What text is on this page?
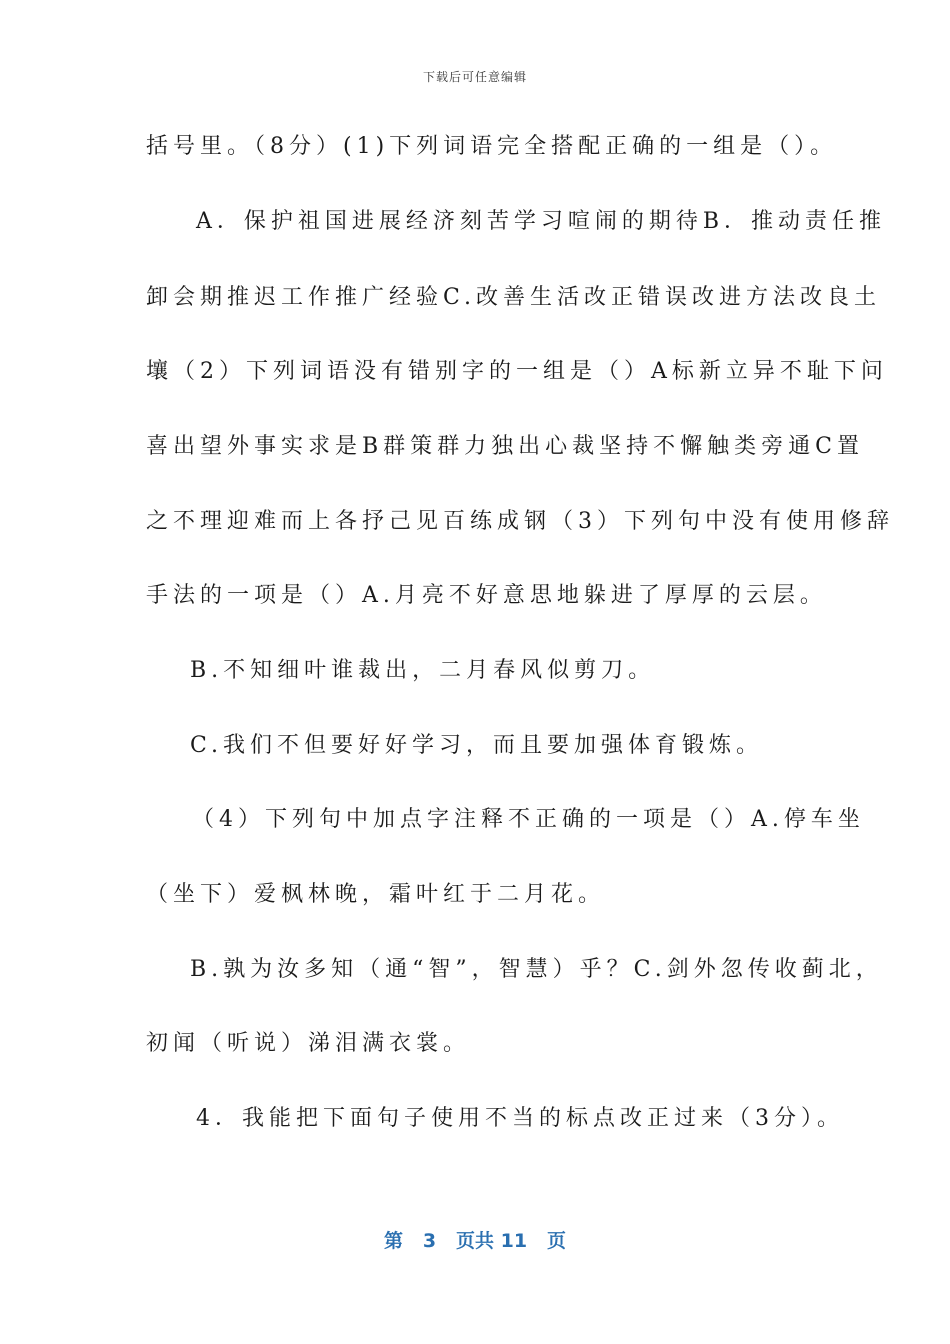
下载后可任意编辑
括号里。（8分）(1)下列词语完全搭配正确的一组是（）。
A．保护祖国进展经济刻苦学习喧闹的期待B．推动责任推
卸会期推迟工作推广经验C.改善生活改正错误改进方法改良土
壤（2）下列词语没有错别字的一组是（）A标新立异不耻下问
喜出望外事实求是B群策群力独出心裁坚持不懈触类旁通C置
之不理迎难而上各抒己见百练成钢（3）下列句中没有使用修辞
手法的一项是（）A.月亮不好意思地躲进了厚厚的云层。
B.不知细叶谁裁出，二月春风似剪刀。
C.我们不但要好好学习，而且要加强体育锻炼。
（4）下列句中加点字注释不正确的一项是（）A.停车坐
（坐下）爱枫林晚，霜叶红于二月花。
B.孰为汝多知（通“智”，智慧）乎？C.剑外忽传收蓟北，
初闻（听说）涕泪满衣裳。
4．我能把下面句子使用不当的标点改正过来（3分）。
第 3 页共 11 页
